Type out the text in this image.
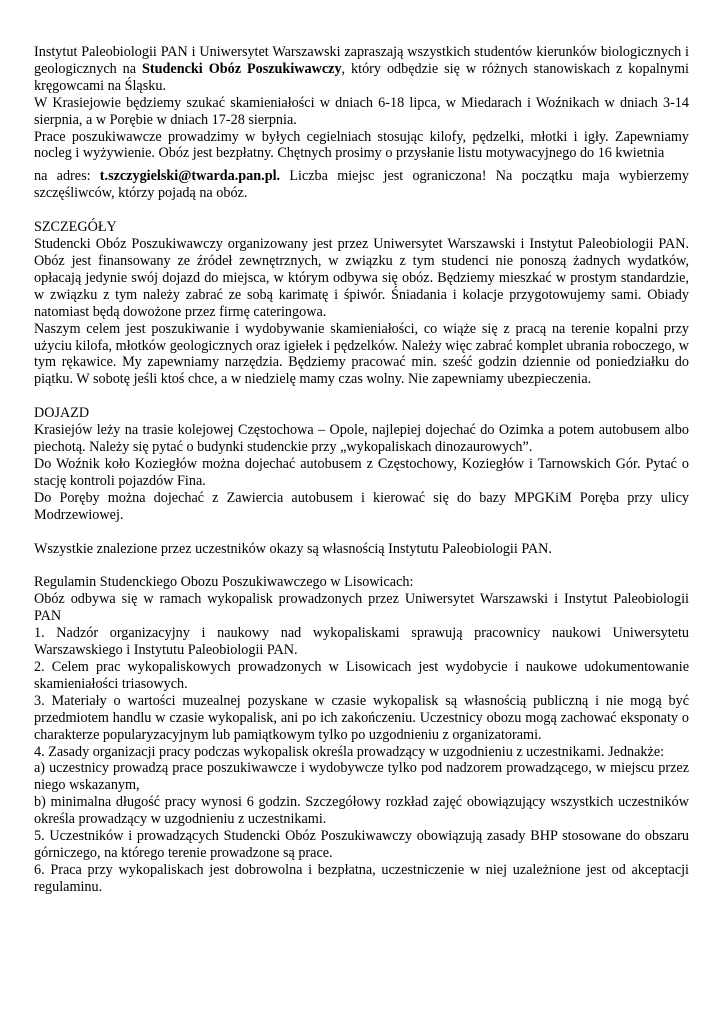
Instytut Paleobiologii PAN i Uniwersytet Warszawski zapraszają wszystkich studentów kierunków biologicznych i geologicznych na Studencki Obóz Poszukiwawczy, który odbędzie się w różnych stanowiskach z kopalnymi kręgowcami na Śląsku.

W Krasiejowie będziemy szukać skamieniałości w dniach 6-18 lipca, w Miedarach i Woźnikach w dniach 3-14 sierpnia, a w Porębie w dniach 17-28 sierpnia.

Prace poszukiwawcze prowadzimy w byłych cegielniach stosując kilofy, pędzelki, młotki i igły. Zapewniamy nocleg i wyżywienie. Obóz jest bezpłatny. Chętnych prosimy o przysłanie listu motywacyjnego do 16 kwietnia

na adres: t.szczygielski@twarda.pan.pl. Liczba miejsc jest ograniczona! Na początku maja wybierzemy szczęśliwców, którzy pojadą na obóz.

SZCZEGÓŁY

Studencki Obóz Poszukiwawczy organizowany jest przez Uniwersytet Warszawski i Instytut Paleobiologii PAN. Obóz jest finansowany ze źródeł zewnętrznych, w związku z tym studenci nie ponoszą żadnych wydatków, opłacają jedynie swój dojazd do miejsca, w którym odbywa się obóz. Będziemy mieszkać w prostym standardzie, w związku z tym należy zabrać ze sobą karimatę i śpiwór. Śniadania i kolacje przygotowujemy sami. Obiady natomiast będą dowożone przez firmę cateringowa.

Naszym celem jest poszukiwanie i wydobywanie skamieniałości, co wiąże się z pracą na terenie kopalni przy użyciu kilofa, młotków geologicznych oraz igiełek i pędzelków. Należy więc zabrać komplet ubrania roboczego, w tym rękawice. My zapewniamy narzędzia. Będziemy pracować min. sześć godzin dziennie od poniedziałku do piątku. W sobotę jeśli ktoś chce, a w niedzielę mamy czas wolny. Nie zapewniamy ubezpieczenia.

DOJAZD

Krasiejów leży na trasie kolejowej Częstochowa – Opole, najlepiej dojechać do Ozimka a potem autobusem albo piechotą. Należy się pytać o budynki studenckie przy „wykopaliskach dinozaurowych”.

Do Woźnik koło Koziegłów można dojechać autobusem z Częstochowy, Koziegłów i Tarnowskich Gór. Pytać o stację kontroli pojazdów Fina.

Do Poręby można dojechać z Zawiercia autobusem i kierować się do bazy MPGKiM Poręba przy ulicy Modrzewiowej.

Wszystkie znalezione przez uczestników okazy są własnością Instytutu Paleobiologii PAN.

Regulamin Studenckiego Obozu Poszukiwawczego w Lisowicach:

Obóz odbywa się w ramach wykopalisk prowadzonych przez Uniwersytet Warszawski i Instytut Paleobiologii PAN

1. Nadzór organizacyjny i naukowy nad wykopaliskami sprawują pracownicy naukowi Uniwersytetu Warszawskiego i Instytutu Paleobiologii PAN.

2. Celem prac wykopaliskowych prowadzonych w Lisowicach jest wydobycie i naukowe udokumentowanie skamieniałości triasowych.

3. Materiały o wartości muzealnej pozyskane w czasie wykopalisk są własnością publiczną i nie mogą być przedmiotem handlu w czasie wykopalisk, ani po ich zakończeniu. Uczestnicy obozu mogą zachować eksponaty o charakterze popularyzacyjnym lub pamiątkowym tylko po uzgodnieniu z organizatorami.

4. Zasady organizacji pracy podczas wykopalisk określa prowadzący w uzgodnieniu z uczestnikami. Jednakże:

a) uczestnicy prowadzą prace poszukiwawcze i wydobywcze tylko pod nadzorem prowadzącego, w miejscu przez niego wskazanym,

b) minimalna długość pracy wynosi 6 godzin. Szczegółowy rozkład zajęć obowiązujący wszystkich uczestników określa prowadzący w uzgodnieniu z uczestnikami.

5. Uczestników i prowadzących Studencki Obóz Poszukiwawczy obowiązują zasady BHP stosowane do obszaru górniczego, na którego terenie prowadzone są prace.

6. Praca przy wykopaliskach jest dobrowolna i bezpłatna, uczestniczenie w niej uzależnione jest od akceptacji regulaminu.
